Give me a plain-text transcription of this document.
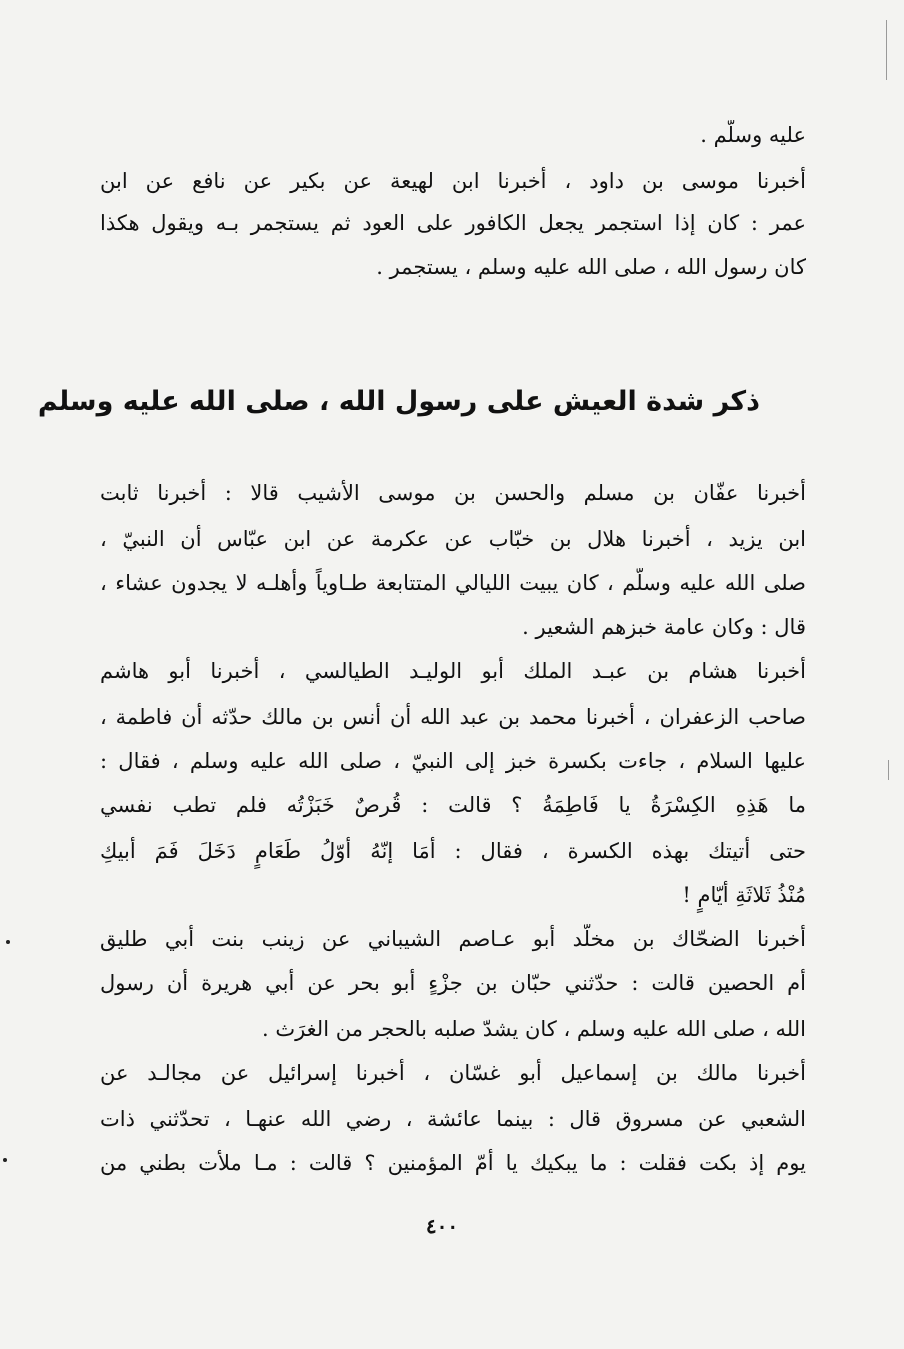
عليه وسلّم .
أخبرنا موسى بن داود ، أخبرنا ابن لهيعة عن بكير عن نافع عن ابن
عمر : كان إذا استجمر يجعل الكافور على العود ثم يستجمر بـه ويقول هكذا
كان رسول الله ، صلى الله عليه وسلم ، يستجمر .
ذكر شدة العيش على رسول الله ، صلى الله عليه وسلم
أخبرنا عفّان بن مسلم والحسن بن موسى الأشيب قالا : أخبرنا ثابت
ابن يزيد ، أخبرنا هلال بن خبّاب عن عكرمة عن ابن عبّاس أن النبيّ ،
صلى الله عليه وسلّم ، كان يبيت الليالي المتتابعة طـاوياً وأهلـه لا يجدون عشاء ،
قال : وكان عامة خبزهم الشعير .
أخبرنا هشام بن عبـد الملك أبو الوليـد الطيالسي ، أخبرنا أبو هاشم
صاحب الزعفران ، أخبرنا محمد بن عبد الله أن أنس بن مالك حدّثه أن فاطمة ،
عليها السلام ، جاءت بكسرة خبز إلى النبيّ ، صلى الله عليه وسلم ، فقال :
ما هَذِهِ الكِسْرَةُ يا فَاطِمَةُ ؟ قالت : قُرصٌ خَبَزْتُه فلم تطب نفسي
حتى أتيتك بهذه الكسرة ، فقال : أمَا إنّهُ أوّلُ طَعَامٍ دَخَلَ فَمَ أبيكِ
مُنْذُ ثَلاثَةِ أيّامٍ !
أخبرنا الضحّاك بن مخلّد أبو عـاصم الشيباني عن زينب بنت أبي طليق
أم الحصين قالت : حدّثني حبّان بن جزْءٍ أبو بحر عن أبي هريرة أن رسول
الله ، صلى الله عليه وسلم ، كان يشدّ صلبه بالحجر من الغرَث .
أخبرنا مالك بن إسماعيل أبو غسّان ، أخبرنا إسرائيل عن مجالـد عن
الشعبي عن مسروق قال : بينما عائشة ، رضي الله عنهـا ، تحدّثني ذات
يوم إذ بكت فقلت : ما يبكيك يا أمّ المؤمنين ؟ قالت : مـا ملأت بطني من
٤٠٠
